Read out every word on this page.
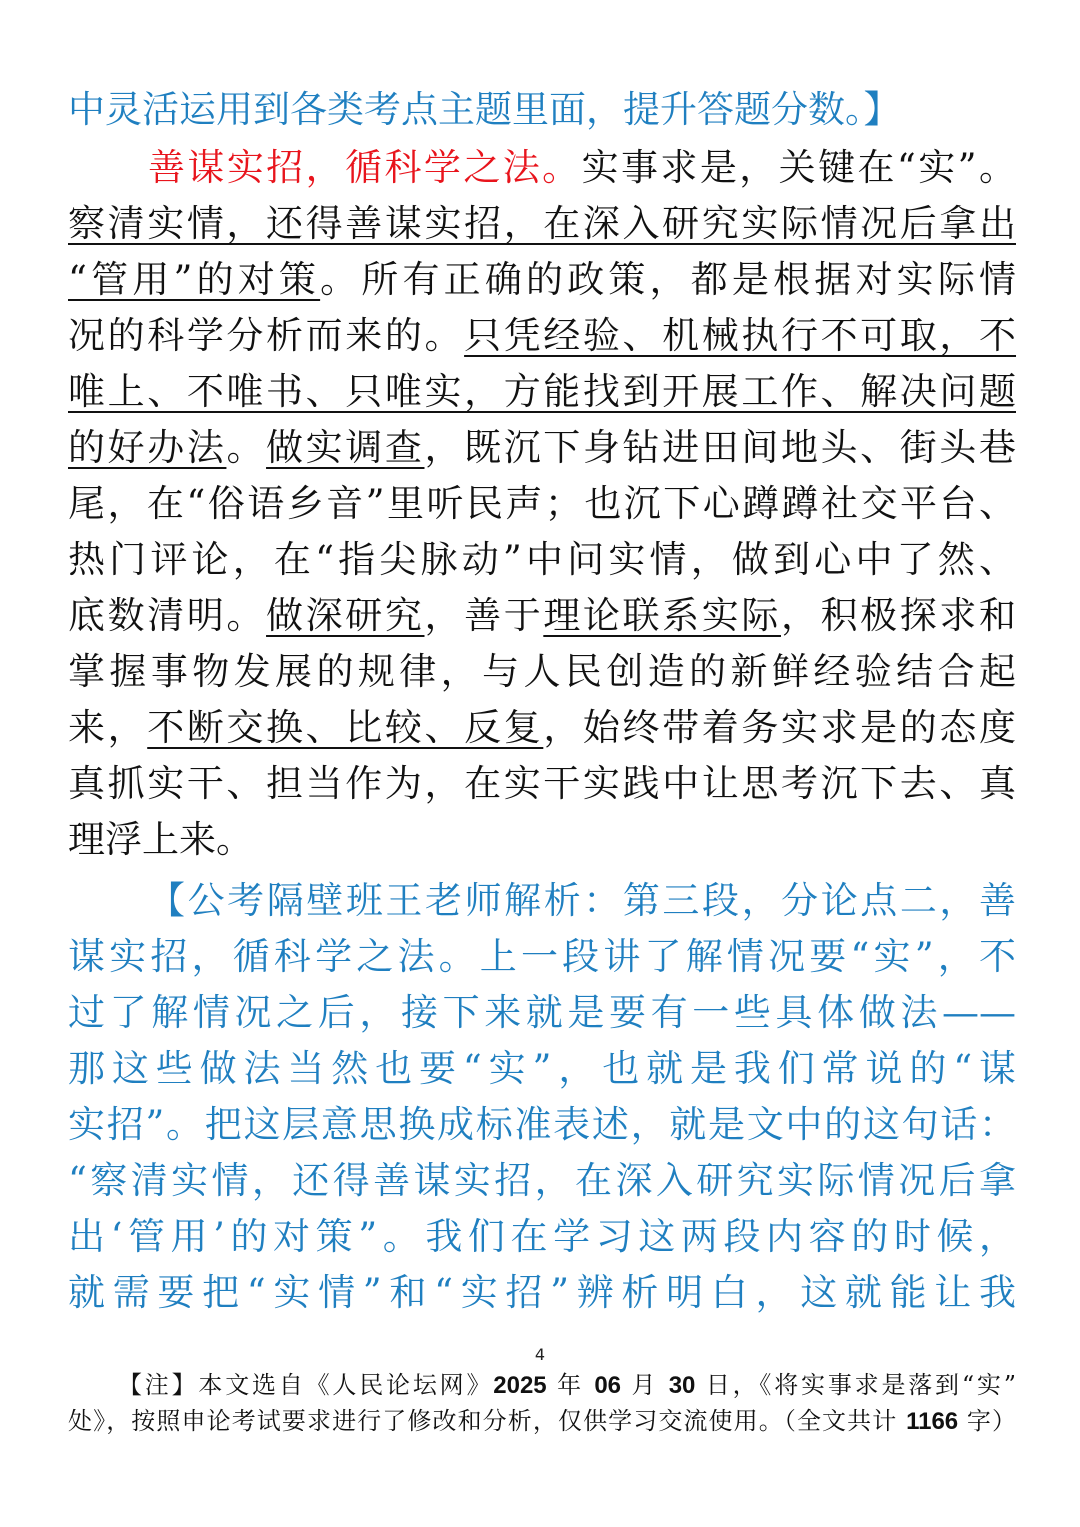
中灵活运用到各类考点主题里面，提升答题分数。】
善谋实招，循科学之法。实事求是，关键在“实”。
察清实情，还得善谋实招，在深入研究实际情况后拿出
“管用”的对策。所有正确的政策，都是根据对实际情
况的科学分析而来的。只凭经验、机械执行不可取，不
唯上、不唯书、只唯实，方能找到开展工作、解决问题
的好办法。做实调查，既沉下身钻进田间地头、街头巷
尾，在“俗语乡音”里听民声；也沉下心蹲蹲社交平台、
热门评论，在“指尖脉动”中问实情，做到心中了然、
底数清明。做深研究，善于理论联系实际，积极探求和
掌握事物发展的规律，与人民创造的新鲜经验结合起
来，不断交换、比较、反复，始终带着务实求是的态度
真抓实干、担当作为，在实干实践中让思考沉下去、真
理浮上来。
【公考隔壁班王老师解析：第三段，分论点二，善
谋实招，循科学之法。上一段讲了解情况要“实”，不
过了解情况之后，接下来就是要有一些具体做法——
那这些做法当然也要“实”，也就是我们常说的“谋
实招”。把这层意思换成标准表述，就是文中的这句话：
“察清实情，还得善谋实招，在深入研究实际情况后拿
出‘管用’的对策”。我们在学习这两段内容的时候，
就需要把“实情”和“实招”辨析明白，这就能让我
4
【注】本文选自《人民论坛网》2025 年 06 月 30 日，《将实事求是落到“实”
处》，按照申论考试要求进行了修改和分析，仅供学习交流使用。（全文共计 1166 字）
